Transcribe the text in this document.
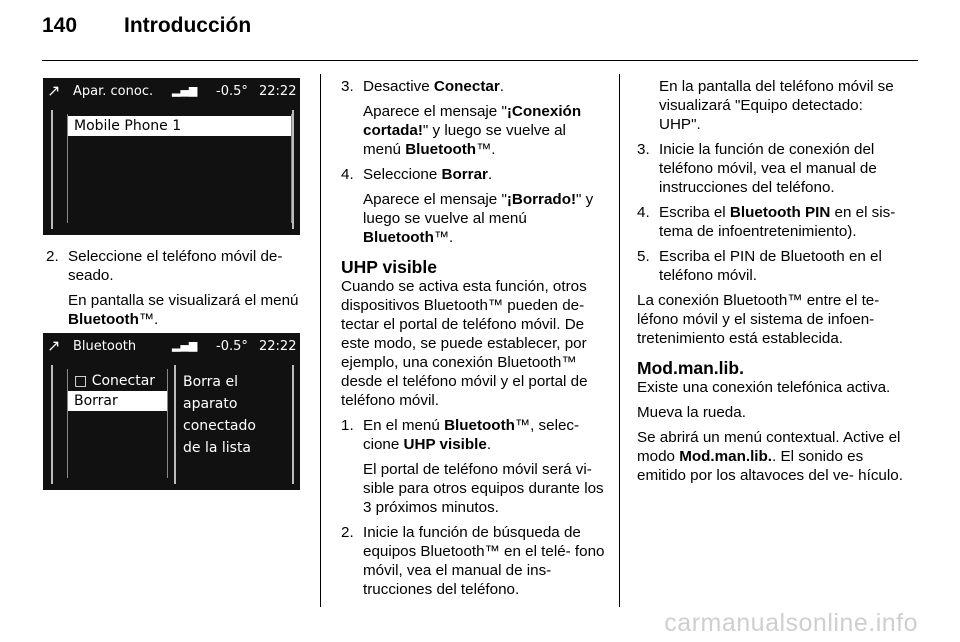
140 Introducción
↗ Apar. conoc. ▂▄▆ -0.5° 22:22
Mobile Phone 1
↗ Bluetooth	▂▄▆ -0.5° 22:22
□ Conectar
Borrar
Borra el
aparato
conectado
de la lista
2. Seleccione el teléfono móvil de- seado.
En pantalla se visualizará el menú Bluetooth™.
3. Desactive Conectar.
Aparece el mensaje "¡Conexión cortada!" y luego se vuelve al menú Bluetooth™.
4. Seleccione Borrar.
Aparece el mensaje "¡Borrado!" y luego se vuelve al menú Bluetooth™.
UHP visible

Cuando se activa esta función, otros dispositivos Bluetooth™ pueden de- tectar el portal de teléfono móvil. De este modo, se puede establecer, por ejemplo, una conexión Bluetooth™ desde el teléfono móvil y el portal de teléfono móvil.

1. En el menú Bluetooth™, selec- cione UHP visible.
El portal de teléfono móvil será vi- sible para otros equipos durante los 3 próximos minutos.
2. Inicie la función de búsqueda de equipos Bluetooth™ en el telé- fono móvil, vea el manual de ins- trucciones del teléfono.
En la pantalla del teléfono móvil se visualizará "Equipo detectado: UHP".
3. Inicie la función de conexión del teléfono móvil, vea el manual de instrucciones del teléfono.
4. Escriba el Bluetooth PIN en el sis- tema de infoentretenimiento).
5. Escriba el PIN de Bluetooth en el teléfono móvil.

La conexión Bluetooth™ entre el te- léfono móvil y el sistema de infoen- tretenimiento está establecida.

Mod.man.lib.

Existe una conexión telefónica activa.

Mueva la rueda.

Se abrirá un menú contextual. Active el modo Mod.man.lib.. El sonido es emitido por los altavoces del ve- hículo.

carmanualsonline.info
